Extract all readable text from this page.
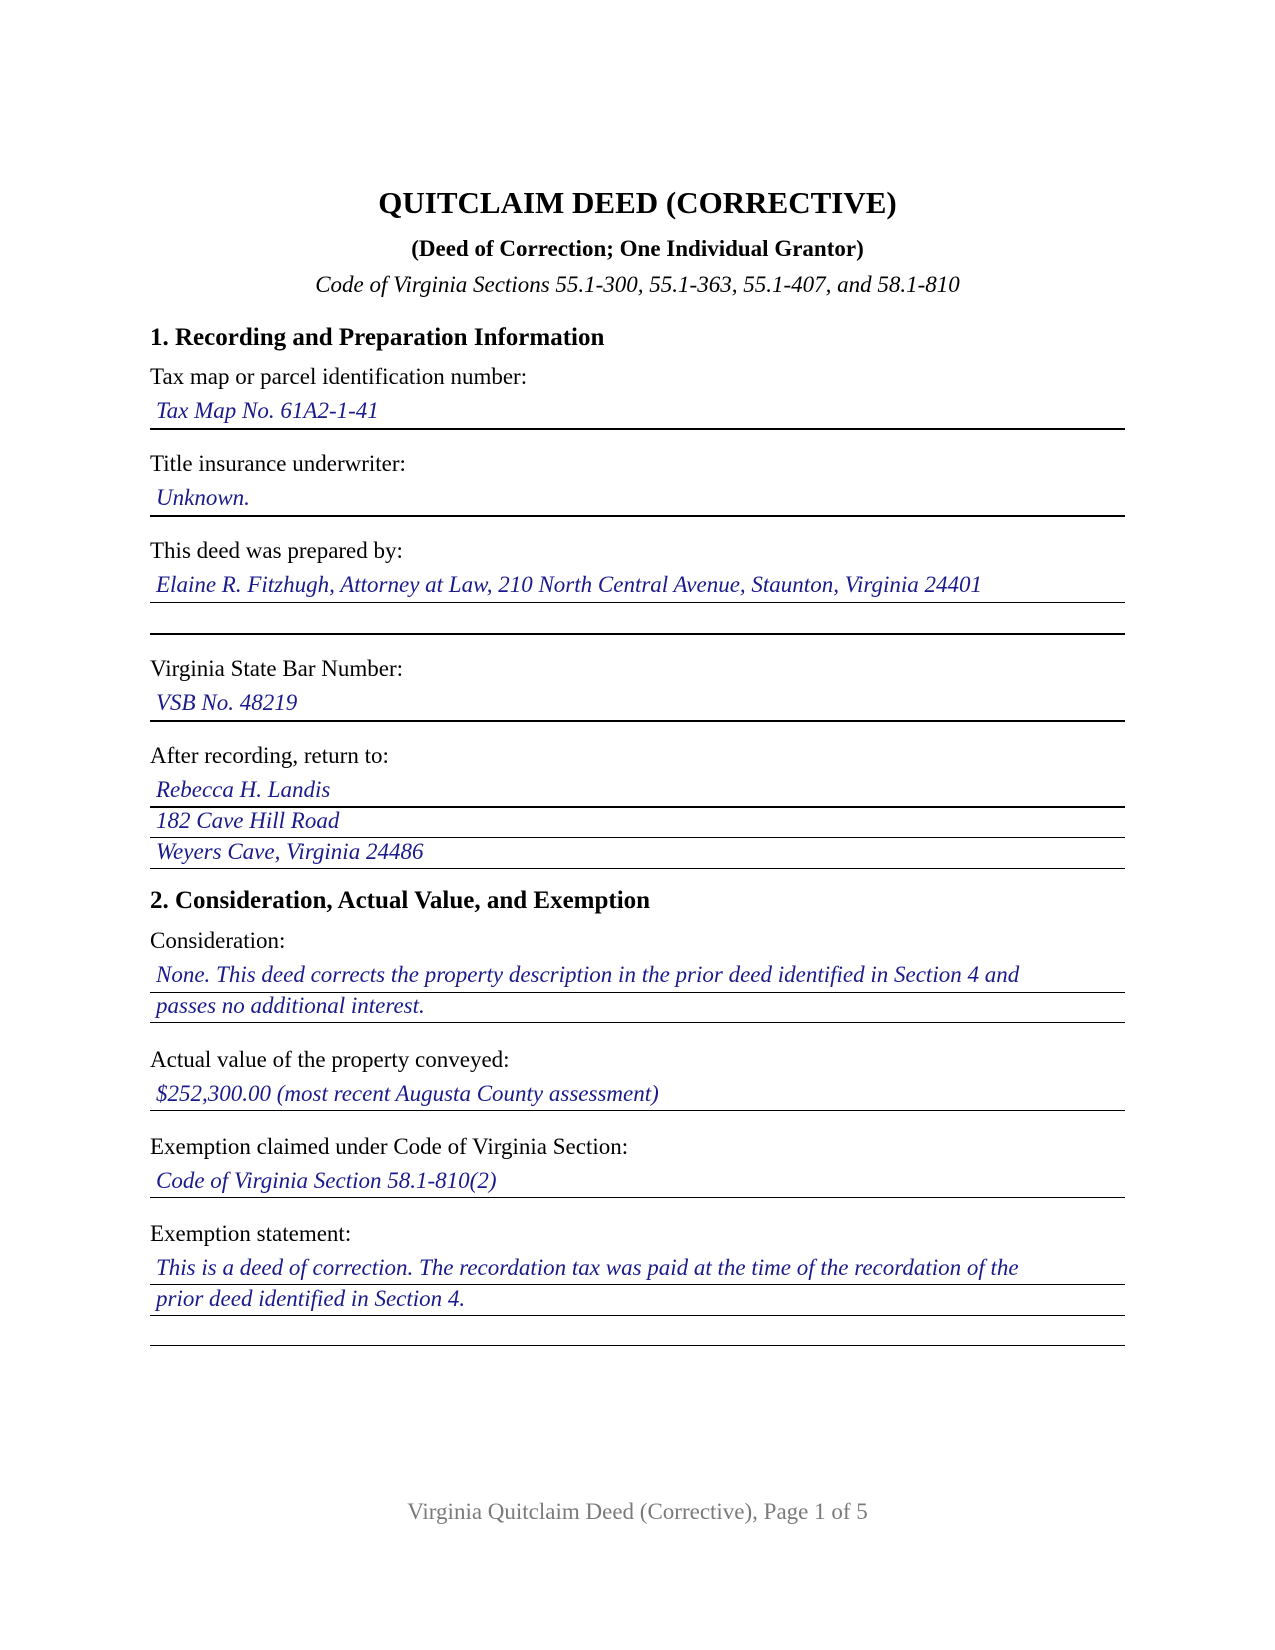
QUITCLAIM DEED (CORRECTIVE)
(Deed of Correction; One Individual Grantor)
Code of Virginia Sections 55.1-300, 55.1-363, 55.1-407, and 58.1-810
1. Recording and Preparation Information
Tax map or parcel identification number:
Tax Map No. 61A2-1-41
Title insurance underwriter:
Unknown.
This deed was prepared by:
Elaine R. Fitzhugh, Attorney at Law, 210 North Central Avenue, Staunton, Virginia 24401
Virginia State Bar Number:
VSB No. 48219
After recording, return to:
Rebecca H. Landis
182 Cave Hill Road
Weyers Cave, Virginia 24486
2. Consideration, Actual Value, and Exemption
Consideration:
None. This deed corrects the property description in the prior deed identified in Section 4 and
passes no additional interest.
Actual value of the property conveyed:
$252,300.00 (most recent Augusta County assessment)
Exemption claimed under Code of Virginia Section:
Code of Virginia Section 58.1-810(2)
Exemption statement:
This is a deed of correction. The recordation tax was paid at the time of the recordation of the
prior deed identified in Section 4.
Virginia Quitclaim Deed (Corrective), Page 1 of 5
